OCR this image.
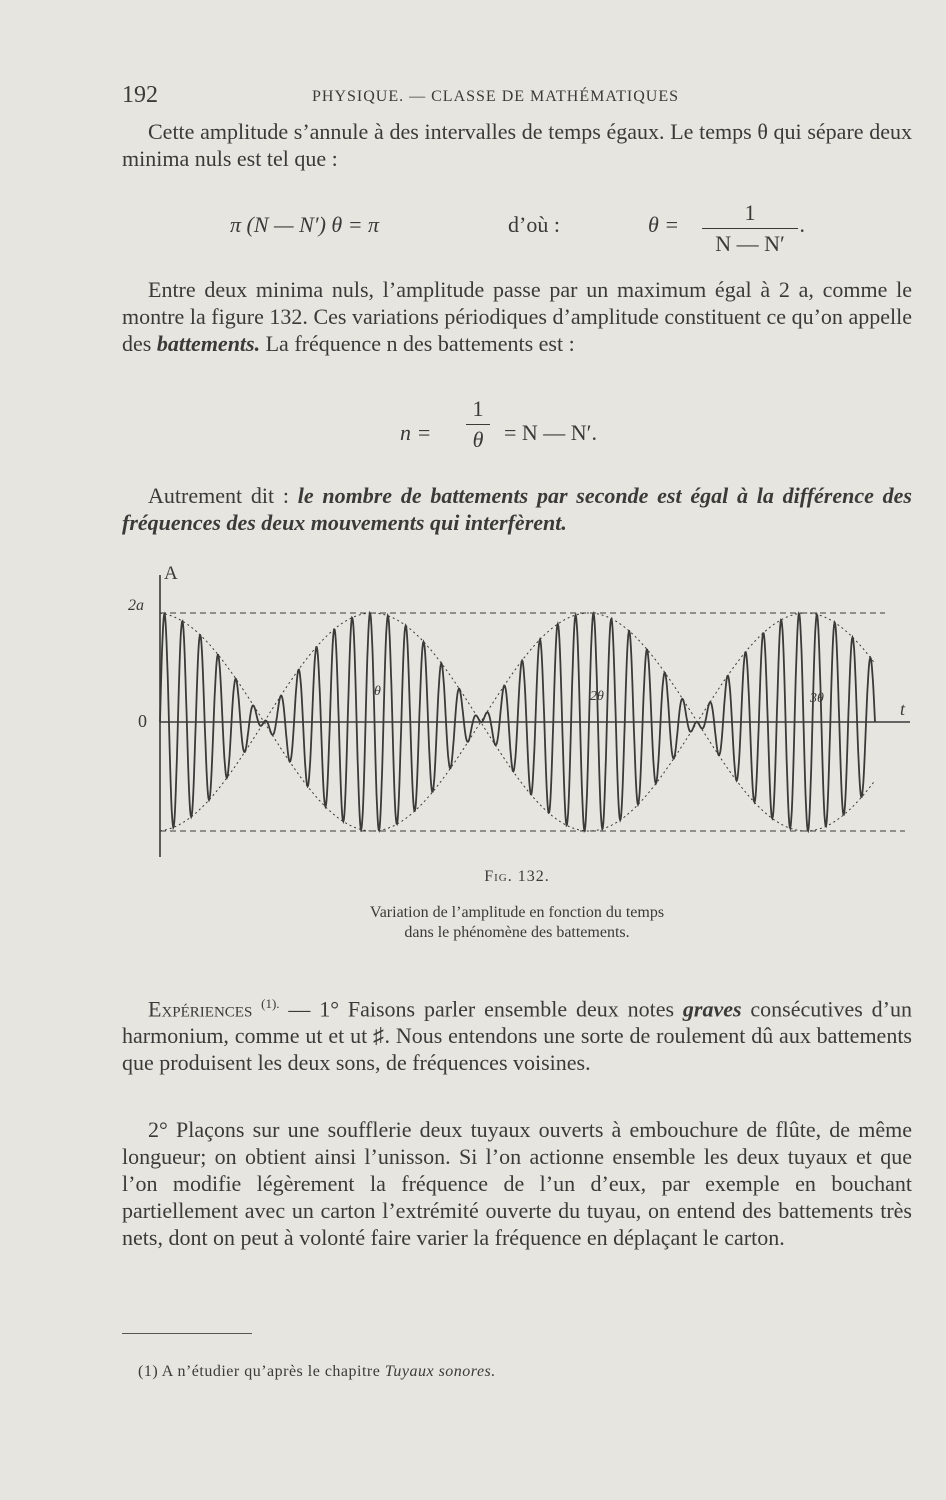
192	PHYSIQUE. — CLASSE DE MATHÉMATIQUES

Cette amplitude s’annule à des intervalles de temps égaux. Le temps θ qui sépare deux minima nuls est tel que :

π (N — N′) θ = π	d’où :	θ =	1
N — N′
.

Entre deux minima nuls, l’amplitude passe par un maximum égal à 2 a, comme le montre la figure 132. Ces variations périodiques d’amplitude constituent ce qu’on appelle des battements. La fréquence n des battements est :

n =
1
θ = N — N′.

Autrement dit : le nombre de battements par seconde est égal à la différence des fréquences des deux mouvements qui interfèrent.

A
2a
0
t
θ	2θ	3θ
Fig. 132.
Variation de l’amplitude en fonction du temps
dans le phénomène des battements.

Expériences $^{(1).}$ — 1° Faisons parler ensemble deux notes graves consécutives d’un harmonium, comme ut et ut ♯. Nous entendons une sorte de roulement dû aux battements que produisent les deux sons, de fréquences voisines.

2° Plaçons sur une soufflerie deux tuyaux ouverts à embouchure de flûte, de même longueur; on obtient ainsi l’unisson. Si l’on actionne ensemble les deux tuyaux et que l’on modifie légèrement la fréquence de l’un d’eux, par exemple en bouchant partiellement avec un carton l’extrémité ouverte du tuyau, on entend des battements très nets, dont on peut à volonté faire varier la fréquence en déplaçant le carton.

(1) A n’étudier qu’après le chapitre Tuyaux sonores.
